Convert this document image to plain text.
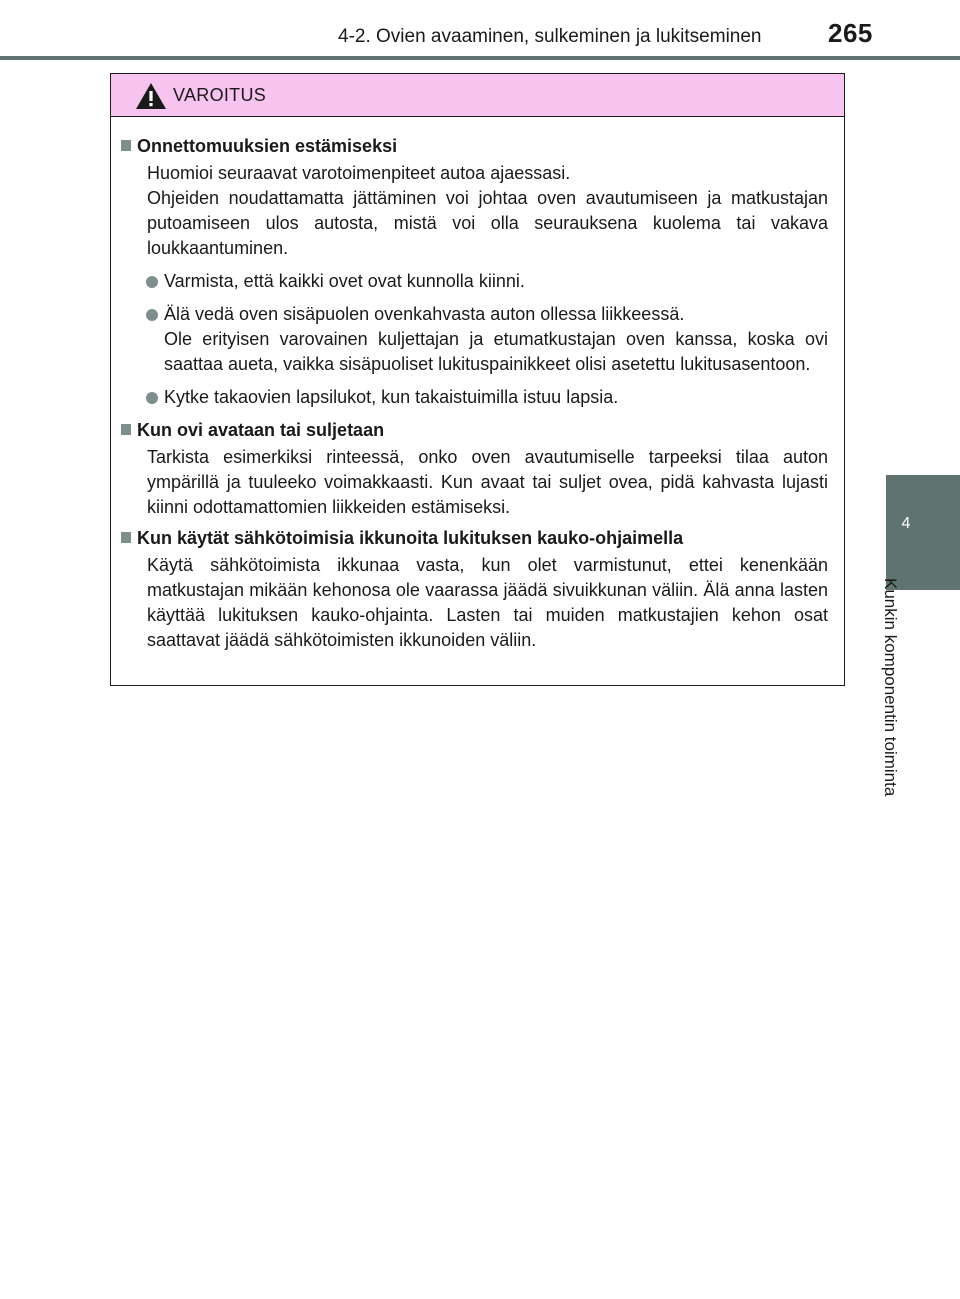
4-2. Ovien avaaminen, sulkeminen ja lukitseminen	265
4
Kunkin komponentin toiminta
VAROITUS
Onnettomuuksien estämiseksi
Huomioi seuraavat varotoimenpiteet autoa ajaessasi.
Ohjeiden noudattamatta jättäminen voi johtaa oven avautumiseen ja matkustajan putoamiseen ulos autosta, mistä voi olla seurauksena kuolema tai vakava loukkaantuminen.
Varmista, että kaikki ovet ovat kunnolla kiinni.
Älä vedä oven sisäpuolen ovenkahvasta auton ollessa liikkeessä.
Ole erityisen varovainen kuljettajan ja etumatkustajan oven kanssa, koska ovi saattaa aueta, vaikka sisäpuoliset lukituspainikkeet olisi asetettu lukitusasentoon.
Kytke takaovien lapsilukot, kun takaistuimilla istuu lapsia.
Kun ovi avataan tai suljetaan
Tarkista esimerkiksi rinteessä, onko oven avautumiselle tarpeeksi tilaa auton ympärillä ja tuuleeko voimakkaasti. Kun avaat tai suljet ovea, pidä kahvasta lujasti kiinni odottamattomien liikkeiden estämiseksi.
Kun käytät sähkötoimisia ikkunoita lukituksen kauko-ohjaimella
Käytä sähkötoimista ikkunaa vasta, kun olet varmistunut, ettei kenenkään matkustajan mikään kehonosa ole vaarassa jäädä sivuikkunan väliin. Älä anna lasten käyttää lukituksen kauko-ohjainta. Lasten tai muiden matkustajien kehon osat saattavat jäädä sähkötoimisten ikkunoiden väliin.
